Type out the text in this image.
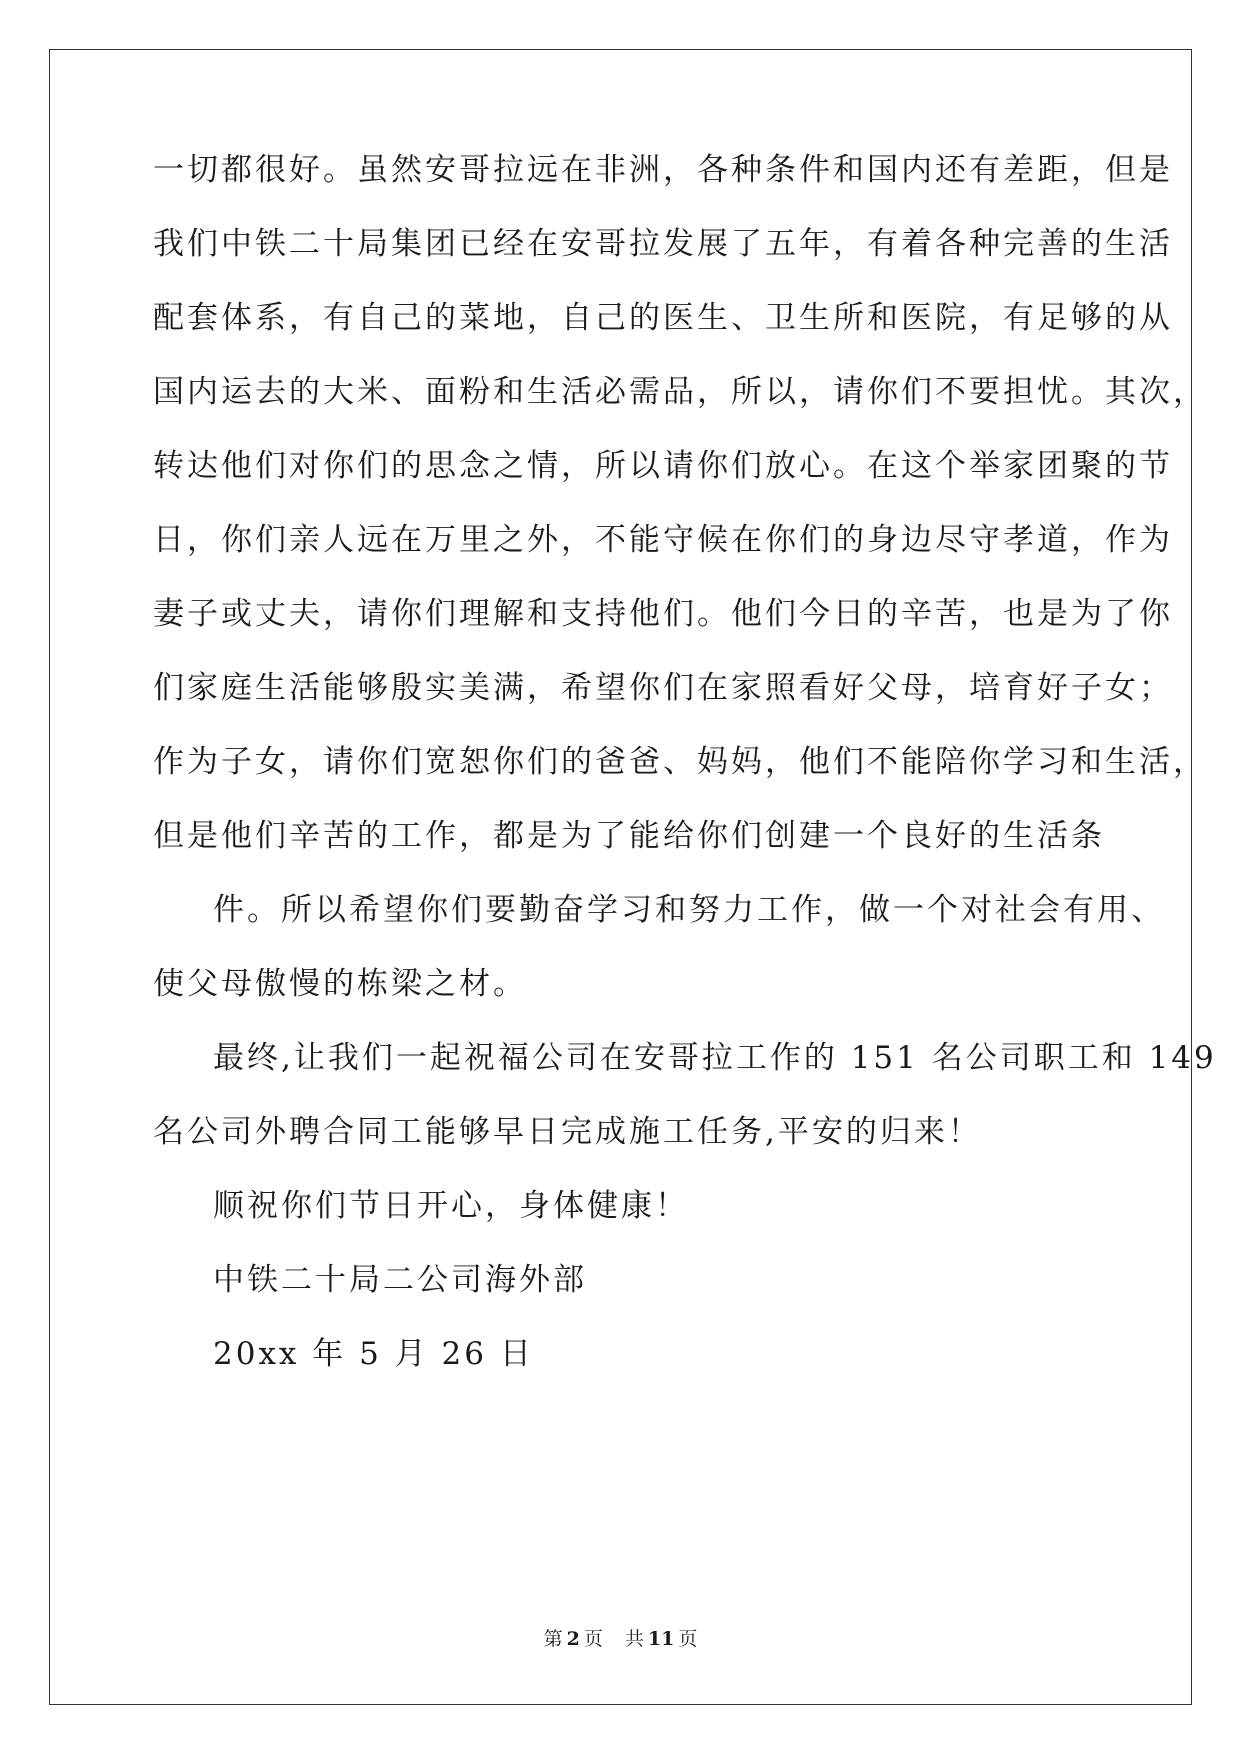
一切都很好。虽然安哥拉远在非洲，各种条件和国内还有差距，但是
我们中铁二十局集团已经在安哥拉发展了五年，有着各种完善的生活
配套体系，有自己的菜地，自己的医生、卫生所和医院，有足够的从
国内运去的大米、面粉和生活必需品，所以，请你们不要担忧。其次，
转达他们对你们的思念之情，所以请你们放心。在这个举家团聚的节
日，你们亲人远在万里之外，不能守候在你们的身边尽守孝道，作为
妻子或丈夫，请你们理解和支持他们。他们今日的辛苦，也是为了你
们家庭生活能够殷实美满，希望你们在家照看好父母，培育好子女；
作为子女，请你们宽恕你们的爸爸、妈妈，他们不能陪你学习和生活，
但是他们辛苦的工作，都是为了能给你们创建一个良好的生活条
件。所以希望你们要勤奋学习和努力工作，做一个对社会有用、
使父母傲慢的栋梁之材。
最终,让我们一起祝福公司在安哥拉工作的 151 名公司职工和 149
名公司外聘合同工能够早日完成施工任务,平安的归来！
顺祝你们节日开心，身体健康！
中铁二十局二公司海外部
20xx 年 5 月 26 日
第 2 页 共 11 页
